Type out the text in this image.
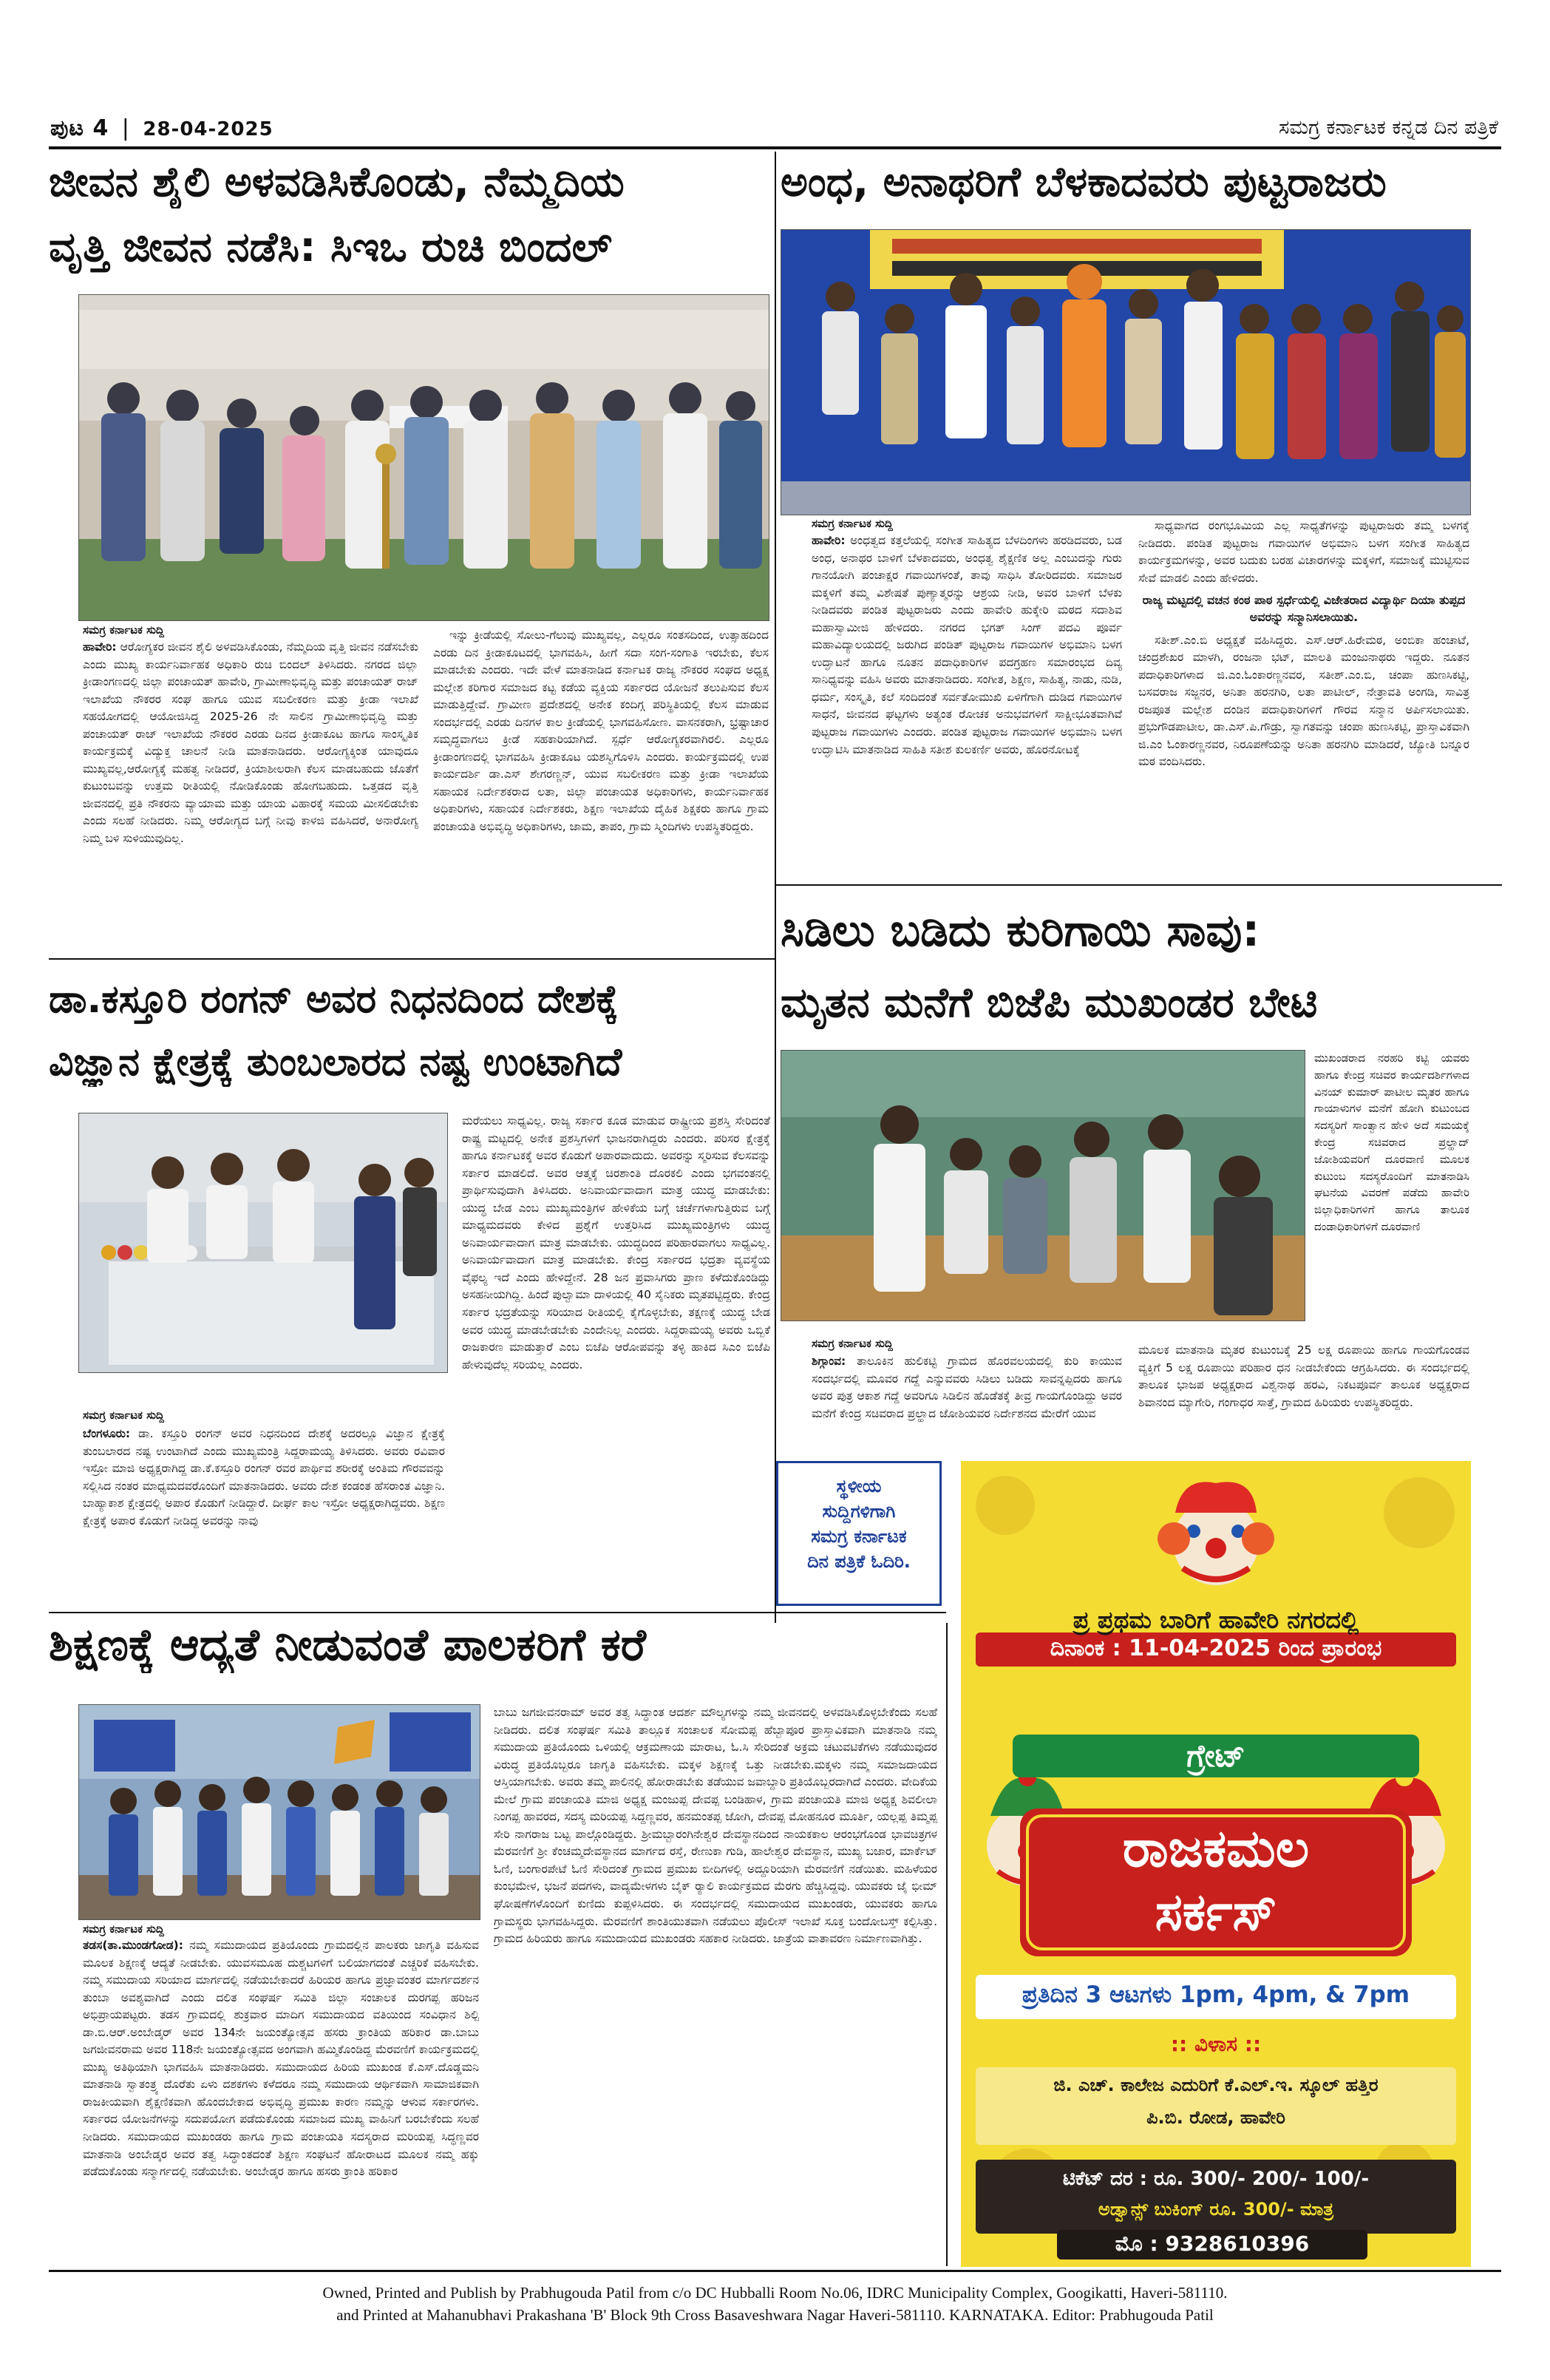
ಪುಟ 4 | 28-04-2025	ಸಮಗ್ರ ಕರ್ನಾಟಕ ಕನ್ನಡ ದಿನ ಪತ್ರಿಕೆ
ಜೀವನ ಶೈಲಿ ಅಳವಡಿಸಿಕೊಂಡು, ನೆಮ್ಮದಿಯ
ವೃತ್ತಿ ಜೀವನ ನಡೆಸಿ: ಸಿಇಒ ರುಚಿ ಬಿಂದಲ್
ಸಮಗ್ರ ಕರ್ನಾಟಕ ಸುದ್ದಿ

ಹಾವೇರಿ: ಆರೋಗ್ಯಕರ ಜೀವನ ಶೈಲಿ ಅಳವಡಿಸಿಕೊಂಡು, ನೆಮ್ಮದಿಯ ವೃತ್ತಿ ಜೀವನ ನಡೆಸಬೇಕು ಎಂದು ಮುಖ್ಯ ಕಾರ್ಯನಿರ್ವಾಹಕ ಅಧಿಕಾರಿ ರುಚಿ ಬಿಂದಲ್ ತಿಳಿಸಿದರು. ನಗರದ ಜಿಲ್ಲಾ ಕ್ರೀಡಾಂಗಣದಲ್ಲಿ ಜಿಲ್ಲಾ ಪಂಚಾಯತ್ ಹಾವೇರಿ, ಗ್ರಾಮೀಣಾಭಿವೃದ್ಧಿ ಮತ್ತು ಪಂಚಾಯತ್ ರಾಜ್ ಇಲಾಖೆಯ ನೌಕರರ ಸಂಘ ಹಾಗೂ ಯುವ ಸಬಲೀಕರಣ ಮತ್ತು ಕ್ರೀಡಾ ಇಲಾಖೆ ಸಹಯೋಗದಲ್ಲಿ ಆಯೋಜಿಸಿದ್ದ 2025-26 ನೇ ಸಾಲಿನ ಗ್ರಾಮೀಣಾಭಿವೃದ್ಧಿ ಮತ್ತು ಪಂಚಾಯತ್ ರಾಜ್ ಇಲಾಖೆಯ ನೌಕರರ ಎರಡು ದಿನದ ಕ್ರೀಡಾಕೂಟ ಹಾಗೂ ಸಾಂಸ್ಕೃತಿಕ ಕಾರ್ಯಕ್ರಮಕ್ಕೆ ವಿದ್ಯುಕ್ತ ಚಾಲನೆ ನೀಡಿ ಮಾತನಾಡಿದರು. ಆರೋಗ್ಯಕ್ಕಿಂತ ಯಾವುದೂ ಮುಖ್ಯವಲ್ಲ,ಆರೋಗ್ಯಕ್ಕೆ ಮಹತ್ವ ನೀಡಿದರೆ, ಕ್ರಿಯಾಶೀಲರಾಗಿ ಕೆಲಸ ಮಾಡಬಹುದು ಜೊತೆಗೆ ಕುಟುಂಬವನ್ನು ಉತ್ತಮ ರೀತಿಯಲ್ಲಿ ನೋಡಿಕೊಂಡು ಹೋಗಬಹುದು. ಒತ್ತಡದ ವೃತ್ತಿ ಜೀವನದಲ್ಲಿ ಪ್ರತಿ ನೌಕರನು ವ್ಯಾಯಾಮ ಮತ್ತು ಯಾಯ ವಿಹಾರಕ್ಕೆ ಸಮಯ ಮೀಸಲಿಡಬೇಕು ಎಂದು ಸಲಹೆ ನೀಡಿದರು. ನಿಮ್ಮ ಆರೋಗ್ಯದ ಬಗ್ಗೆ ನೀವು ಕಾಳಜಿ ವಹಿಸಿದರೆ, ಅನಾರೋಗ್ಯ ನಿಮ್ಮ ಬಳಿ ಸುಳಿಯುವುದಿಲ್ಲ.

ಇನ್ನು ಕ್ರೀಡೆಯಲ್ಲಿ ಸೋಲು-ಗೆಲುವು ಮುಖ್ಯವಲ್ಲ, ಎಲ್ಲರೂ ಸಂತಸದಿಂದ, ಉತ್ಸಾಹದಿಂದ ಎರಡು ದಿನ ಕ್ರೀಡಾಕೂಟದಲ್ಲಿ ಭಾಗವಹಿಸಿ, ಹೀಗೆ ಸದಾ ಸಂಗ-ಸಂಗಾತಿ ಇರಬೇಕು, ಕೆಲಸ ಮಾಡಬೇಕು ಎಂದರು. ಇದೇ ವೇಳೆ ಮಾತನಾಡಿದ ಕರ್ನಾಟಕ ರಾಜ್ಯ ನೌಕರರ ಸಂಘದ ಅಧ್ಯಕ್ಷ ಮಲ್ಲೇಶ ಕರಿಗಾರ ಸಮಾಜದ ಕಟ್ಟ ಕಡೆಯ ವ್ಯಕ್ತಿಯ ಸರ್ಕಾರದ ಯೋಜನೆ ತಲುಪಿಸುವ ಕೆಲಸ ಮಾಡುತ್ತಿದ್ದೇವೆ. ಗ್ರಾಮೀಣ ಪ್ರದೇಶದಲ್ಲಿ ಅನೇಕ ಕಂದಿಗ್ಗ ಪರಿಸ್ಥಿತಿಯಲ್ಲಿ ಕೆಲಸ ಮಾಡುವ ಸಂದರ್ಭದಲ್ಲಿ ಎರಡು ದಿನಗಳ ಕಾಲ ಕ್ರೀಡೆಯಲ್ಲಿ ಭಾಗವಹಿಸೋಣ. ವಾಸನಕರಾಗಿ, ಭ್ರಷ್ಟಾಚಾರ ಸಮೃದ್ಧವಾಗಲು ಕ್ರೀಡೆ ಸಹಕಾರಿಯಾಗಿದೆ. ಸ್ಪರ್ಧೆ ಆರೋಗ್ಯಕರವಾಗಿರಲಿ. ಎಲ್ಲರೂ ಕ್ರೀಡಾಂಗಣದಲ್ಲಿ ಭಾಗವಹಿಸಿ ಕ್ರೀಡಾಕೂಟ ಯಶಸ್ವಿಗೊಳಿಸಿ ಎಂದರು. ಕಾರ್ಯಕ್ರಮದಲ್ಲಿ ಉಪ ಕಾರ್ಯದರ್ಶಿ ಡಾ.ಎಸ್ ಶೇಗರಣ್ಣನ್, ಯುವ ಸಬಲೀಕರಣ ಮತ್ತು ಕ್ರೀಡಾ ಇಲಾಖೆಯ ಸಹಾಯಕ ನಿರ್ದೇಶಕರಾದ ಲತಾ, ಜಿಲ್ಲಾ ಪಂಚಾಯತ ಅಧಿಕಾರಿಗಳು, ಕಾರ್ಯನಿರ್ವಾಹಕ ಅಧಿಕಾರಿಗಳು, ಸಹಾಯಕ ನಿರ್ದೇಶಕರು, ಶಿಕ್ಷಣ ಇಲಾಖೆಯ ದೈಹಿಕ ಶಿಕ್ಷಕರು ಹಾಗೂ ಗ್ರಾಮ ಪಂಚಾಯತಿ ಅಭಿವೃದ್ಧಿ ಅಧಿಕಾರಿಗಳು, ಜಾಮ, ತಾಪಂ, ಗ್ರಾಮ ಸ್ಮಿಂದಿಗಳು ಉಪಸ್ಥಿತರಿದ್ದರು.

ಅಂಧ, ಅನಾಥರಿಗೆ ಬೆಳಕಾದವರು ಪುಟ್ಟರಾಜರು
ಸಮಗ್ರ ಕರ್ನಾಟಕ ಸುದ್ದಿ

ಹಾವೇರಿ: ಅಂಧತ್ವದ ಕತ್ತಲೆಯಲ್ಲಿ ಸಂಗೀತ ಸಾಹಿತ್ಯದ ಬೆಳದಿಂಗಳು ಹರಡಿದವರು, ಬಡ ಅಂಧ, ಅನಾಥರ ಬಾಳಿಗೆ ಬೆಳಕಾದವರು, ಅಂಧತ್ವ ಶೈಕ್ಷಣಿಕ ಅಲ್ಲ ಎಂಬುದನ್ನು ಗುರು ಗಾನಯೋಗಿ ಪಂಚಾಕ್ಷರ ಗವಾಯಿಗಳಂತೆ, ತಾವು ಸಾಧಿಸಿ ತೋರಿದವರು. ಸಮಾಜರ ಮಕ್ಕಳಿಗೆ ತಮ್ಮ ವಿಶೇಷತೆ ಪುಣ್ಯಾತ್ಮರನ್ನು ಆಶ್ರಯ ನೀಡಿ, ಅವರ ಬಾಳಿಗೆ ಬೆಳಕು ನೀಡಿದವರು ಪಂಡಿತ ಪುಟ್ಟರಾಜರು ಎಂದು ಹಾವೇರಿ ಹುಕ್ಕೇರಿ ಮಠದ ಸದಾಶಿವ ಮಹಾಸ್ವಾಮೀಜಿ ಹೇಳಿದರು. ನಗರದ ಭಗತ್ ಸಿಂಗ್ ಪದವಿ ಪೂರ್ವ ಮಹಾವಿದ್ಯಾಲಯದಲ್ಲಿ ಜರುಗಿದ ಪಂಡಿತ್ ಪುಟ್ಟರಾಜ ಗವಾಯಿಗಳ ಅಭಿಮಾನಿ ಬಳಗ ಉದ್ಘಾಟನೆ ಹಾಗೂ ನೂತನ ಪದಾಧಿಕಾರಿಗಳ ಪದಗ್ರಹಣ ಸಮಾರಂಭದ ದಿವ್ಯ ಸಾನಿಧ್ಯವನ್ನು ವಹಿಸಿ ಅವರು ಮಾತನಾಡಿದರು. ಸಂಗೀತ, ಶಿಕ್ಷಣ, ಸಾಹಿತ್ಯ, ನಾಡು, ನುಡಿ, ಧರ್ಮ, ಸಂಸ್ಕೃತಿ, ಕಲೆ ಸಂದಿದಂತೆ ಸರ್ವತೋಮುಖಿ ಏಳಿಗೆಗಾಗಿ ದುಡಿದ ಗವಾಯಿಗಳ ಸಾಧನೆ, ಜೀವನದ ಘಟ್ಟಗಳು ಅತ್ಯಂತ ರೋಚಕ ಅನುಭವಗಳಿಗೆ ಸಾಕ್ಷೀಭೂತವಾಗಿವೆ ಪುಟ್ಟರಾಜ ಗವಾಯಿಗಳು ಎಂದರು. ಪಂಡಿತ ಪುಟ್ಟರಾಜ ಗವಾಯಿಗಳ ಅಭಿಮಾನಿ ಬಳಗ ಉದ್ಘಾಟಿಸಿ ಮಾತನಾಡಿದ ಸಾಹಿತಿ ಸತೀಶ ಕುಲಕರ್ಣಿ ಅವರು, ಹೊರನೋಟಕ್ಕೆ

ಸಾಧ್ಯವಾಗದ ರಂಗಭೂಮಿಯ ಎಲ್ಲ ಸಾಧ್ಯತೆಗಳನ್ನು ಪುಟ್ಟರಾಜರು ತಮ್ಮ ಬಳಗಕ್ಕೆ ನೀಡಿದರು. ಪಂಡಿತ ಪುಟ್ಟರಾಜ ಗವಾಯಿಗಳ ಅಭಿಮಾನಿ ಬಳಗ ಸಂಗೀತ ಸಾಹಿತ್ಯದ ಕಾರ್ಯಕ್ರಮಗಳನ್ನು, ಅವರ ಬದುಕು ಬರಹ ವಿಚಾರಗಳನ್ನು ಮಕ್ಕಳಿಗೆ, ಸಮಾಜಕ್ಕೆ ಮುಟ್ಟಿಸುವ ಸೇವೆ ಮಾಡಲಿ ಎಂದು ಹೇಳಿದರು.

ರಾಜ್ಯ ಮಟ್ಟದಲ್ಲಿ ವಚನ ಕಂಠ ಪಾಠ ಸ್ಪರ್ಧೆಯಲ್ಲಿ ವಿಜೇತರಾದ ವಿದ್ಯಾರ್ಥಿ ದಿಯಾ ತುಪ್ಪದ ಅವರನ್ನು ಸನ್ಮಾನಿಸಲಾಯಿತು.

ಸತೀಶ್.ಎಂ.ಬಿ ಅಧ್ಯಕ್ಷತೆ ವಹಿಸಿದ್ದರು. ಎಸ್.ಆರ್.ಹಿರೇಮಠ, ಅಂಬಿಕಾ ಹಂಚಾಟೆ, ಚಂದ್ರಶೇಖರ ಮಾಳಗಿ, ರಂಜನಾ ಭಟ್, ಮಾಲತಿ ಮಂಜುನಾಥರು ಇದ್ದರು. ನೂತನ ಪದಾಧಿಕಾರಿಗಳಾದ ಜಿ.ಎಂ.ಓಂಕಾರಣ್ಣನವರ, ಸತೀಶ್.ಎಂ.ಬಿ, ಚಂಪಾ ಹುಣಸಿಕಟ್ಟಿ, ಬಸವರಾಜ ಸಜ್ಜನರ, ಅನಿತಾ ಹರನಗಿರಿ, ಲತಾ ಪಾಟೀಲ್, ನೇತ್ರಾವತಿ ಅಂಗಡಿ, ಸಾವಿತ್ರ ರಜಪೂತ ಮಲ್ಲೇಶ ದಂಡಿನ ಪದಾಧಿಕಾರಿಗಳಿಗೆ ಗೌರವ ಸನ್ಮಾನ ಅರ್ಪಿಸಲಾಯಿತು. ಪ್ರಭುಗೌಡಪಾಟೀಲ, ಡಾ.ಎಸ್.ಪಿ.ಗೌಡ್ರು, ಸ್ವಾಗತವನ್ನು ಚಂಪಾ ಹುಣಸಿಕಟ್ಟಿ, ಪ್ರಾಸ್ತಾವಿಕವಾಗಿ ಜಿ.ಎಂ ಓಂಕಾರಣ್ಣನವರ, ನಿರೂಪಣೆಯನ್ನು ಅನಿತಾ ಹರನಗಿರಿ ಮಾಡಿದರೆ, ಜ್ಯೋತಿ ಬನ್ನೂರ ಮಠ ವಂದಿಸಿದರು.

ಡಾ.ಕಸ್ತೂರಿ ರಂಗನ್ ಅವರ ನಿಧನದಿಂದ ದೇಶಕ್ಕೆ
ವಿಜ್ಞಾನ ಕ್ಷೇತ್ರಕ್ಕೆ ತುಂಬಲಾರದ ನಷ್ಟ ಉಂಟಾಗಿದೆ

ಮರೆಯಲು ಸಾಧ್ಯವಿಲ್ಲ. ರಾಜ್ಯ ಸರ್ಕಾರ ಕೂಡ ಮಾಡುವ ರಾಷ್ಟ್ರೀಯ ಪ್ರಶಸ್ತಿ ಸೇರಿದಂತೆ ರಾಷ್ಟ್ರ ಮಟ್ಟದಲ್ಲಿ ಅನೇಕ ಪ್ರಶಸ್ತಿಗಳಿಗೆ ಭಾಜನರಾಗಿದ್ದರು ಎಂದರು. ಪರಿಸರ ಕ್ಷೇತ್ರಕ್ಕೆ ಹಾಗೂ ಕರ್ನಾಟಕಕ್ಕೆ ಅವರ ಕೊಡುಗೆ ಅಪಾರವಾದುದು. ಅವರನ್ನು ಸ್ಮರಿಸುವ ಕೆಲಸವನ್ನು ಸರ್ಕಾರ ಮಾಡಲಿದೆ. ಅವರ ಆತ್ಮಕ್ಕೆ ಚಿರಶಾಂತಿ ದೊರಕಲಿ ಎಂದು ಭಗವಂತನಲ್ಲಿ ಪ್ರಾರ್ಥಿಸುವುದಾಗಿ ತಿಳಿಸಿದರು. ಅನಿವಾರ್ಯವಾದಾಗ ಮಾತ್ರ ಯುದ್ಧ ಮಾಡಬೇಕು: ಯುದ್ಧ ಬೇಡ ಎಂಬ ಮುಖ್ಯಮಂತ್ರಿಗಳ ಹೇಳಿಕೆಯ ಬಗ್ಗೆ ಚರ್ಚೆಗಳಾಗುತ್ತಿರುವ ಬಗ್ಗೆ ಮಾಧ್ಯಮದವರು ಕೇಳಿದ ಪ್ರಶ್ನೆಗೆ ಉತ್ತರಿಸಿದ ಮುಖ್ಯಮಂತ್ರಿಗಳು ಯುದ್ಧ ಅನಿವಾರ್ಯವಾದಾಗ ಮಾತ್ರ ಮಾಡಬೇಕು. ಯುದ್ಧದಿಂದ ಪರಿಹಾರವಾಗಲು ಸಾಧ್ಯವಿಲ್ಲ. ಅನಿವಾರ್ಯವಾದಾಗ ಮಾತ್ರ ಮಾಡಬೇಕು. ಕೇಂದ್ರ ಸರ್ಕಾರದ ಭದ್ರತಾ ವ್ಯವಸ್ಥೆಯ ವೈಫಲ್ಯ ಇದೆ ಎಂದು ಹೇಳಿದ್ದೇನೆ. 28 ಜನ ಪ್ರವಾಸಿಗರು ಪ್ರಾಣ ಕಳೆದುಕೊಂಡಿದ್ದು ಅಸಹನೀಯಗಿದ್ದಿ. ಹಿಂದೆ ಪುಲ್ವಾಮಾ ದಾಳಿಯಲ್ಲಿ 40 ಸೈನಿಕರು ಮೃತಪಟ್ಟಿದ್ದರು. ಕೇಂದ್ರ ಸರ್ಕಾರ ಭದ್ರತೆಯನ್ನು ಸರಿಯಾದ ರೀತಿಯಲ್ಲಿ ಕೈಗೊಳ್ಳಬೇಕು, ತಕ್ಷಣಕ್ಕೆ ಯುದ್ಧ ಬೇಡ ಅವರ ಯುದ್ಧ ಮಾಡಬೇಡಬೇಕು ಎಂದೇನಿಲ್ಲ ಎಂದರು. ಸಿದ್ದರಾಮಯ್ಯ ಅವರು ಒಬ್ಬಿಕೆ ರಾಜಕಾರಣ ಮಾಡುತ್ತಾರೆ ಎಂಬ ಬಿಜೆಪಿ ಆರೋಪವನ್ನು ತಳ್ಳಿ ಹಾಕಿದ ಸಿಎಂ ಬಿಜೆಪಿ ಹೇಳುವುದೆಲ್ಲ ಸರಿಯಲ್ಲ ಎಂದರು.

ಸಮಗ್ರ ಕರ್ನಾಟಕ ಸುದ್ದಿ

ಬೆಂಗಳೂರು: ಡಾ. ಕಸ್ತೂರಿ ರಂಗನ್ ಅವರ ನಿಧನದಿಂದ ದೇಶಕ್ಕೆ ಅದರಲ್ಲೂ ವಿಜ್ಞಾನ ಕ್ಷೇತ್ರಕ್ಕೆ ತುಂಬಲಾರದ ನಷ್ಟ ಉಂಟಾಗಿದೆ ಎಂದು ಮುಖ್ಯಮಂತ್ರಿ ಸಿದ್ದರಾಮಯ್ಯ ತಿಳಿಸಿದರು. ಅವರು ರವಿವಾರ ಇಸ್ರೋ ಮಾಜಿ ಅಧ್ಯಕ್ಷರಾಗಿದ್ದ ಡಾ.ಕೆ.ಕಸ್ತೂರಿ ರಂಗನ್ ರವರ ಪಾರ್ಥಿವ ಶರೀರಕ್ಕೆ ಅಂತಿಮ ಗೌರವವನ್ನು ಸಲ್ಲಿಸಿದ ನಂತರ ಮಾಧ್ಯಮದವರೊಂದಿಗೆ ಮಾತನಾಡಿದರು. ಅವರು ದೇಶ ಕಂಡಂತ ಹೆಸರಾಂತ ವಿಜ್ಞಾನಿ. ಬಾಹ್ಯಾಕಾಶ ಕ್ಷೇತ್ರದಲ್ಲಿ ಅಪಾರ ಕೊಡುಗೆ ನೀಡಿದ್ದಾರೆ. ದೀರ್ಘ ಕಾಲ ಇಸ್ರೋ ಅಧ್ಯಕ್ಷರಾಗಿದ್ದವರು. ಶಿಕ್ಷಣ ಕ್ಷೇತ್ರಕ್ಕೆ ಅಪಾರ ಕೊಡುಗೆ ನೀಡಿದ್ದ ಅವರನ್ನು ನಾವು

ಸಿಡಿಲು ಬಡಿದು ಕುರಿಗಾಯಿ ಸಾವು:
ಮೃತನ ಮನೆಗೆ ಬಿಜೆಪಿ ಮುಖಂಡರ ಬೇಟಿ

ಮುಖಂಡರಾದ ನರಹರಿ ಕಟ್ಟಿ ಯವರು ಹಾಗೂ ಕೇಂದ್ರ ಸಚಿವರ ಕಾರ್ಯದರ್ಶಿಗಳಾದ ವಿನಯ್ ಕುಮಾರ್ ಪಾಟೀಲ ಮೃತರ ಹಾಗೂ ಗಾಯಾಳುಗಳ ಮನೆಗೆ ಹೋಗಿ ಕುಟುಂಬದ ಸದಸ್ಯರಿಗೆ ಸಾಂತ್ವಾನ ಹೇಳಿ ಅದೆ ಸಮಯಕ್ಕೆ ಕೇಂದ್ರ ಸಚಿವರಾದ ಪ್ರಲ್ಹಾದ್ ಜೋಶಿಯವರಿಗೆ ದೂರವಾಣಿ ಮೂಲಕ ಕುಟುಂಬ ಸದಸ್ಯರೊಂದಿಗೆ ಮಾತನಾಡಿಸಿ ಘಟನೆಯ ವಿವರಣೆ ಪಡೆದು ಹಾವೇರಿ ಜಿಲ್ಲಾಧಿಕಾರಿಗಳಿಗೆ ಹಾಗೂ ತಾಲೂಕ ದಂಡಾಧಿಕಾರಿಗಳಿಗೆ ದೂರವಾಣಿ

ಸಮಗ್ರ ಕರ್ನಾಟಕ ಸುದ್ದಿ

ಶಿಗ್ಗಾಂವ: ತಾಲೂಕಿನ ಹುಲಿಕಟ್ಟಿ ಗ್ರಾಮದ ಹೊರವಲಯದಲ್ಲಿ ಕುರಿ ಕಾಯುವ ಸಂದರ್ಭದಲ್ಲಿ ಮೂವರ ಗದ್ದೆ ಎನ್ನುವವರು ಸಿಡಿಲು ಬಡಿದು ಸಾವನ್ನಪ್ಪಿದರು ಹಾಗೂ ಅವರ ಪುತ್ರ ಆಕಾಶ ಗದ್ದೆ ಅವರಿಗೂ ಸಿಡಿಲಿನ ಹೊಡೆತಕ್ಕೆ ತೀವ್ರ ಗಾಯಗೊಂಡಿದ್ದು ಅವರ ಮನೆಗೆ ಕೇಂದ್ರ ಸಚಿವರಾದ ಪ್ರಲ್ಹಾದ ಜೋಶಿಯವರ ನಿರ್ದೇಶನದ ಮೇರೆಗೆ ಯುವ

ಮೂಲಕ ಮಾತನಾಡಿ ಮೃತರ ಕುಟುಂಬಕ್ಕೆ 25 ಲಕ್ಷ ರೂಪಾಯಿ ಹಾಗೂ ಗಾಯಗೊಂಡವ ವ್ಯಕ್ತಿಗೆ 5 ಲಕ್ಷ ರೂಪಾಯಿ ಪರಿಹಾರ ಧನ ನೀಡಬೇಕೆಂದು ಆಗ್ರಹಿಸಿದರು. ಈ ಸಂದರ್ಭದಲ್ಲಿ ತಾಲೂಕ ಭಾಜಪ ಅಧ್ಯಕ್ಷರಾದ ವಿಶ್ವನಾಥ ಹರವಿ, ನಿಕಟಪೂರ್ವ ತಾಲೂಕ ಅಧ್ಯಕ್ಷರಾದ ಶಿವಾನಂದ ಮ್ಯಾಗೇರಿ, ಗಂಗಾಧರ ಸಾತ್ತೆ, ಗ್ರಾಮದ ಹಿರಿಯರು ಉಪಸ್ಥಿತರಿದ್ದರು.

ಸ್ಥಳೀಯ
ಸುದ್ದಿಗಳಿಗಾಗಿ
ಸಮಗ್ರ ಕರ್ನಾಟಕ
ದಿನ ಪತ್ರಿಕೆ ಓದಿರಿ.
ಪ್ರ ಪ್ರಥಮ ಬಾರಿಗೆ ಹಾವೇರಿ ನಗರದಲ್ಲಿ
ದಿನಾಂಕ : 11-04-2025 ರಿಂದ ಪ್ರಾರಂಭ
ಗ್ರೇಟ್
ರಾಜಕಮಲ
ಸರ್ಕಸ್
ಪ್ರತಿದಿನ 3 ಆಟಗಳು 1pm, 4pm, & 7pm
:: ವಿಳಾಸ ::
ಜಿ. ಎಚ್. ಕಾಲೇಜ ಎದುರಿಗೆ ಕೆ.ಎಲ್.ಇ. ಸ್ಕೂಲ್ ಹತ್ತಿರ
ಪಿ.ಬಿ. ರೋಡ, ಹಾವೇರಿ
ಟಿಕೆಟ್ ದರ : ರೂ. 300/- 200/- 100/-
ಅಡ್ವಾನ್ಸ್ ಬುಕಿಂಗ್ ರೂ. 300/- ಮಾತ್ರ
ಮೊ : 9328610396
ಶಿಕ್ಷಣಕ್ಕೆ ಆದ್ಯತೆ ನೀಡುವಂತೆ ಪಾಲಕರಿಗೆ ಕರೆ
ಸಮಗ್ರ ಕರ್ನಾಟಕ ಸುದ್ದಿ

ತಡಸ(ತಾ.ಮುಂಡಗೋಡ): ನಮ್ಮ ಸಮುದಾಯದ ಪ್ರತಿಯೊಂದು ಗ್ರಾಮದಲ್ಲಿನ ಪಾಲಕರು ಜಾಗೃತಿ ವಹಿಸುವ ಮೂಲಕ ಶಿಕ್ಷಣಕ್ಕೆ ಆದ್ಯತೆ ನೀಡಬೇಕು. ಯುವಸಮೂಹ ದುಶ್ಚಟಗಳಿಗೆ ಬಲಿಯಾಗದಂತೆ ಎಚ್ಚರಿಕೆ ವಹಿಸಬೇಕು. ನಮ್ಮ ಸಮುದಾಯ ಸರಿಯಾದ ಮಾರ್ಗದಲ್ಲಿ ನಡೆಯಬೇಕಾದರೆ ಹಿರಿಯರ ಹಾಗೂ ಪ್ರಜ್ಞಾವಂತರ ಮಾರ್ಗದರ್ಶನ ತುಂಬಾ ಅವಶ್ಯವಾಗಿದೆ ಎಂದು ದಲಿತ ಸಂಘರ್ಷ ಸಮಿತಿ ಜಿಲ್ಲಾ ಸಂಚಾಲಕ ದುರಗಪ್ಪ ಹರಿಜನ ಅಭಿಪ್ರಾಯಪಟ್ಟರು. ತಡಸ ಗ್ರಾಮದಲ್ಲಿ ಶುಕ್ರವಾರ ಮಾದಿಗ ಸಮುದಾಯದ ವತಿಯಿಂದ ಸಂವಿಧಾನ ಶಿಲ್ಪಿ ಡಾ.ಬಿ.ಆರ್.ಅಂಬೇಡ್ಕರ್ ಅವರ 134ನೇ ಜಯಂತ್ಯೋತ್ಸವ ಹಸರು ಕ್ರಾಂತಿಯ ಹರಿಕಾರ ಡಾ.ಬಾಬು ಜಗಜೀವನರಾಮ ಅವರ 118ನೇ ಜಯಂತ್ಯೋತ್ಸವದ ಅಂಗವಾಗಿ ಹಮ್ಮಿಕೊಂಡಿದ್ದ ಮೆರವಣಿಗೆ ಕಾರ್ಯಕ್ರಮದಲ್ಲಿ ಮುಖ್ಯ ಅತಿಥಿಯಾಗಿ ಭಾಗವಹಿಸಿ ಮಾತನಾಡಿದರು. ಸಮುದಾಯದ ಹಿರಿಯ ಮುಖಂಡ ಕೆ.ಎಸ್.ದೊಡ್ಡಮನಿ ಮಾತನಾಡಿ ಸ್ವಾತಂತ್ರ್ಯ ದೊರೆತು ಏಳು ದಶಕಗಳು ಕಳೆದರೂ ನಮ್ಮ ಸಮುದಾಯ ಆರ್ಥಿಕವಾಗಿ ಸಾಮಾಜಿಕವಾಗಿ ರಾಜಕೀಯವಾಗಿ ಶೈಕ್ಷಣಿಕವಾಗಿ ಹೊಂದಬೇಕಾದ ಅಭಿವೃದ್ಧಿ ಪ್ರಮುಖ ಕಾರಣ ನಮ್ಮನ್ನು ಆಳುವ ಸರ್ಕಾರಗಳು. ಸರ್ಕಾರದ ಯೋಜನೆಗಳನ್ನು ಸದುಪಯೋಗ ಪಡೆದುಕೊಂಡು ಸಮಾಜದ ಮುಖ್ಯ ವಾಹಿನಿಗೆ ಬರಬೇಕೆಂದು ಸಲಹೆ ನೀಡಿದರು. ಸಮುದಾಯದ ಮುಖಂಡರು ಹಾಗೂ ಗ್ರಾಮ ಪಂಚಾಯತಿ ಸದಸ್ಯರಾದ ಮರಿಯಪ್ಪ ಸಿದ್ಧಣ್ಣವರ ಮಾತನಾಡಿ ಅಂಬೇಡ್ಕರ ಅವರ ತತ್ವ ಸಿದ್ಧಾಂತದಂತೆ ಶಿಕ್ಷಣ ಸಂಘಟನೆ ಹೋರಾಟದ ಮೂಲಕ ನಮ್ಮ ಹಕ್ಕು ಪಡೆದುಕೊಂಡು ಸನ್ಮಾರ್ಗದಲ್ಲಿ ನಡೆಯಬೇಕು. ಅಂಬೇಡ್ಕರ ಹಾಗೂ ಹಸರು ಕ್ರಾಂತಿ ಹರಿಕಾರ

ಬಾಬು ಜಗಜೀವನರಾಮ್ ಅವರ ತತ್ವ ಸಿದ್ಧಾಂತ ಆದರ್ಶ ಮೌಲ್ಯಗಳನ್ನು ನಮ್ಮ ಜೀವನದಲ್ಲಿ ಅಳವಡಿಸಿಕೊಳ್ಳಬೇಕೆಂದು ಸಲಹೆ ನೀಡಿದರು. ದಲಿತ ಸಂಘರ್ಷ ಸಮಿತಿ ತಾಲ್ಲೂಕ ಸಂಚಾಲಕ ಸೋಮಪ್ಪ ಹೆಬ್ಬಾಪೂರ ಪ್ರಾಸ್ತಾವಿಕವಾಗಿ ಮಾತನಾಡಿ ನಮ್ಮ ಸಮುದಾಯ ಪ್ರತಿಯೊಂದು ಒಳಿಯಲ್ಲಿ ಆಕ್ರಮಣಾಯ ಮಾರಾಟ, ಓ.ಸಿ ಸೇರಿದಂತೆ ಅಕ್ರಮ ಚಟುವಟಿಕೆಗಳು ನಡೆಯುವುದರ ವಿರುದ್ಧ ಪ್ರತಿಯೊಬ್ಬರೂ ಜಾಗೃತಿ ವಹಿಸಬೇಕು. ಮಕ್ಕಳ ಶಿಕ್ಷಣಕ್ಕೆ ಒತ್ತು ನೀಡಬೇಕು.ಮಕ್ಕಳು ನಮ್ಮ ಸಮಾಜದಾಯದ ಆಸ್ತಿಯಾಗಬೇಕು. ಅವರು ತಮ್ಮ ಪಾಲಿನಲ್ಲಿ ಹೋರಾಡಬೇಕು ತಡೆಯುವ ಜವಾಬ್ದಾರಿ ಪ್ರತಿಯೊಬ್ಬರದಾಗಿದೆ ಎಂದರು. ವೇದಿಕೆಯ ಮೇಲೆ ಗ್ರಾಮ ಪಂಚಾಯತಿ ಮಾಜಿ ಅಧ್ಯಕ್ಷ ಮಂಜುಪ್ಪ ದೇವಪ್ಪ ಬಂಡಿಹಾಳ, ಗ್ರಾಮ ಪಂಚಾಯತಿ ಮಾಜಿ ಅಧ್ಯಕ್ಷ ಶಿವಲೀಲಾ ನಿಂಗಪ್ಪ ಹಾವರದ, ಸದಸ್ಯ ಮರಿಯಪ್ಪ ಸಿದ್ದಣ್ಣವರ, ಹನಮಂತಪ್ಪ ಜೋಗಿ, ದೇವಪ್ಪ ಮೋಹನೂರ ಮೂರ್ತಿ, ಯಲ್ಲಪ್ಪ ತಿಮ್ಮಪ್ಪ ಸೇರಿ ನಾಗರಾಜ ಬಟ್ಟ ಪಾಲ್ಗೊಂಡಿದ್ದರು. ಶ್ರೀಮಬ್ಬಾರಂಗಿನೇಶ್ವರ ದೇವಸ್ಥಾನದಿಂದ ನಾಯಕಕಾಲ ಆರಂಭಗೊಂಡ ಭಾವಚಿತ್ರಗಳ ಮೆರವಣಿಗೆ ಶ್ರೀ ಕೆಂಚಮ್ಮದೇವಸ್ಥಾನದ ಮಾರ್ಗದ ರಸ್ತೆ, ರೇಣುಕಾ ಗುಡಿ, ಹಾಲೇಶ್ವರ ದೇವಸ್ಥಾನ, ಮುಖ್ಯ ಬಜಾರ, ಮಾರ್ಕೆಟ್ ಓಣಿ, ಬಂಗಾರಪೇಟೆ ಓಣಿ ಸೇರಿದಂತೆ ಗ್ರಾಮದ ಪ್ರಮುಖ ಬೀದಿಗಳಲ್ಲಿ ಅದ್ದೂರಿಯಾಗಿ ಮೆರವಣಿಗೆ ನಡೆಯಿತು. ಮಹಿಳೆಯರ ಕುಂಭಮೇಳ, ಭಜನೆ ಪದಗಳು, ವಾದ್ಯಮೇಳಗಳು ಬೈಕ್ ರ್‍ಯಾಲಿ ಕಾರ್ಯಕ್ರಮದ ಮೆರಗು ಹೆಚ್ಚಿಸಿದ್ದವು. ಯುವಕರು ಜೈ ಭೀಮ್ ಘೋಷಣೆಗಳೊಂದಿಗೆ ಕುಣಿದು ಕುಪ್ಪಳಿಸಿದರು. ಈ ಸಂದರ್ಭದಲ್ಲಿ ಸಮುದಾಯದ ಮುಖಂಡರು, ಯುವಕರು ಹಾಗೂ ಗ್ರಾಮಸ್ಥರು ಭಾಗವಹಿಸಿದ್ದರು. ಮೆರವಣಿಗೆ ಶಾಂತಿಯುತವಾಗಿ ನಡೆಯಲು ಪೊಲೀಸ್ ಇಲಾಖೆ ಸೂಕ್ತ ಬಂದೋಬಸ್ತ್ ಕಲ್ಪಿಸಿತ್ತು. ಗ್ರಾಮದ ಹಿರಿಯರು ಹಾಗೂ ಸಮುದಾಯದ ಮುಖಂಡರು ಸಹಕಾರ ನೀಡಿದರು. ಜಾತ್ರೆಯ ವಾತಾವರಣ ನಿರ್ಮಾಣವಾಗಿತ್ತು.

Owned, Printed and Publish by Prabhugouda Patil from c/o DC Hubballi Room No.06, IDRC Municipality Complex, Googikatti, Haveri-581110.
and Printed at Mahanubhavi Prakashana 'B' Block 9th Cross Basaveshwara Nagar Haveri-581110. KARNATAKA. Editor: Prabhugouda Patil
